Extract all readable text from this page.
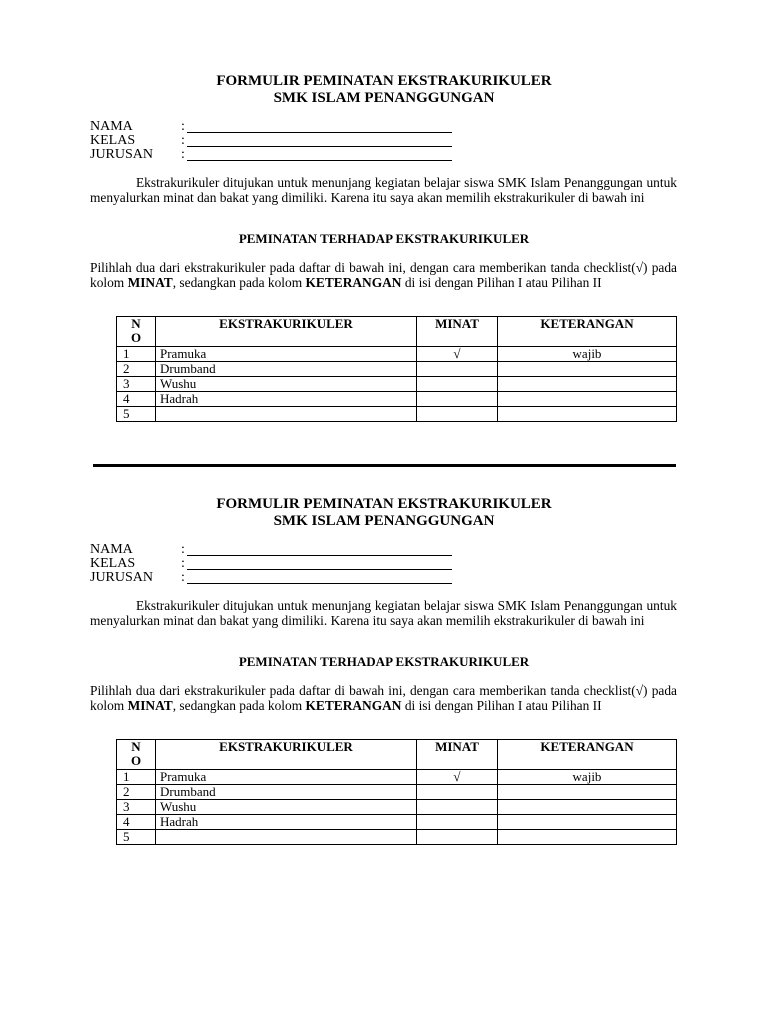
FORMULIR PEMINATAN EKSTRAKURIKULER

SMK ISLAM PENANGGUNGAN

NAMA	:
KELAS	:
JURUSAN :

Ekstrakurikuler ditujukan untuk menunjang kegiatan belajar siswa SMK Islam Penanggungan untuk menyalurkan minat dan bakat yang dimiliki. Karena itu saya akan memilih ekstrakurikuler di bawah ini

PEMINATAN TERHADAP EKSTRAKURIKULER

Pilihlah dua dari ekstrakurikuler pada daftar di bawah ini, dengan cara memberikan tanda checklist(√) pada kolom MINAT, sedangkan pada kolom KETERANGAN di isi dengan Pilihan I atau Pilihan II

N
O	EKSTRAKURIKULER	MINAT	KETERANGAN
1	Pramuka	√	wajib
2	Drumband		
3	Wushu		
4	Hadrah		
5			

FORMULIR PEMINATAN EKSTRAKURIKULER

SMK ISLAM PENANGGUNGAN

NAMA	:
KELAS	:
JURUSAN :

Ekstrakurikuler ditujukan untuk menunjang kegiatan belajar siswa SMK Islam Penanggungan untuk menyalurkan minat dan bakat yang dimiliki. Karena itu saya akan memilih ekstrakurikuler di bawah ini

PEMINATAN TERHADAP EKSTRAKURIKULER

Pilihlah dua dari ekstrakurikuler pada daftar di bawah ini, dengan cara memberikan tanda checklist(√) pada kolom MINAT, sedangkan pada kolom KETERANGAN di isi dengan Pilihan I atau Pilihan II

N
O	EKSTRAKURIKULER	MINAT	KETERANGAN
1	Pramuka	√	wajib
2	Drumband		
3	Wushu		
4	Hadrah		
5			
